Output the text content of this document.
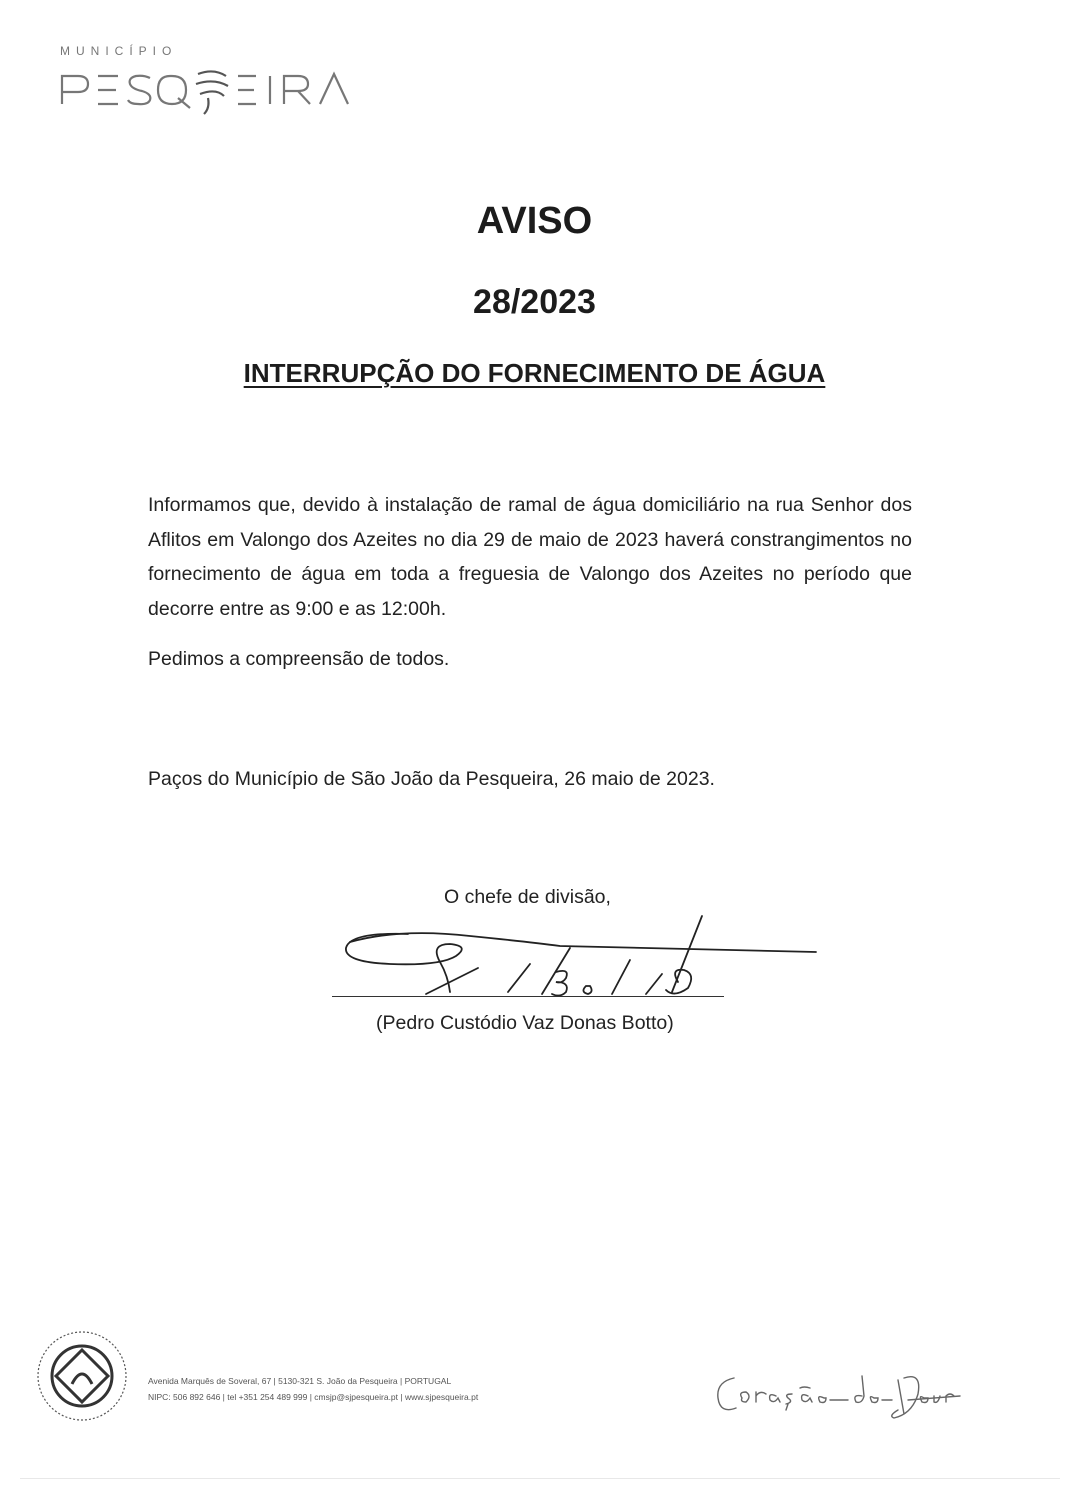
MUNICÍPIO
AVISO
28/2023
INTERRUPÇÃO DO FORNECIMENTO DE ÁGUA
Informamos que, devido à instalação de ramal de água domiciliário na rua Senhor dos Aflitos em Valongo dos Azeites no dia 29 de maio de 2023 haverá constrangimentos no fornecimento de água em toda a freguesia de Valongo dos Azeites no período que decorre entre as 9:00 e as 12:00h.
Pedimos a compreensão de todos.
Paços do Município de São João da Pesqueira, 26 maio de 2023.
O chefe de divisão,
(Pedro Custódio Vaz Donas Botto)
Avenida Marquês de Soveral, 67 | 5130-321 S. João da Pesqueira | PORTUGAL
NIPC: 506 892 646 | tel +351 254 489 999 | cmsjp@sjpesqueira.pt | www.sjpesqueira.pt
